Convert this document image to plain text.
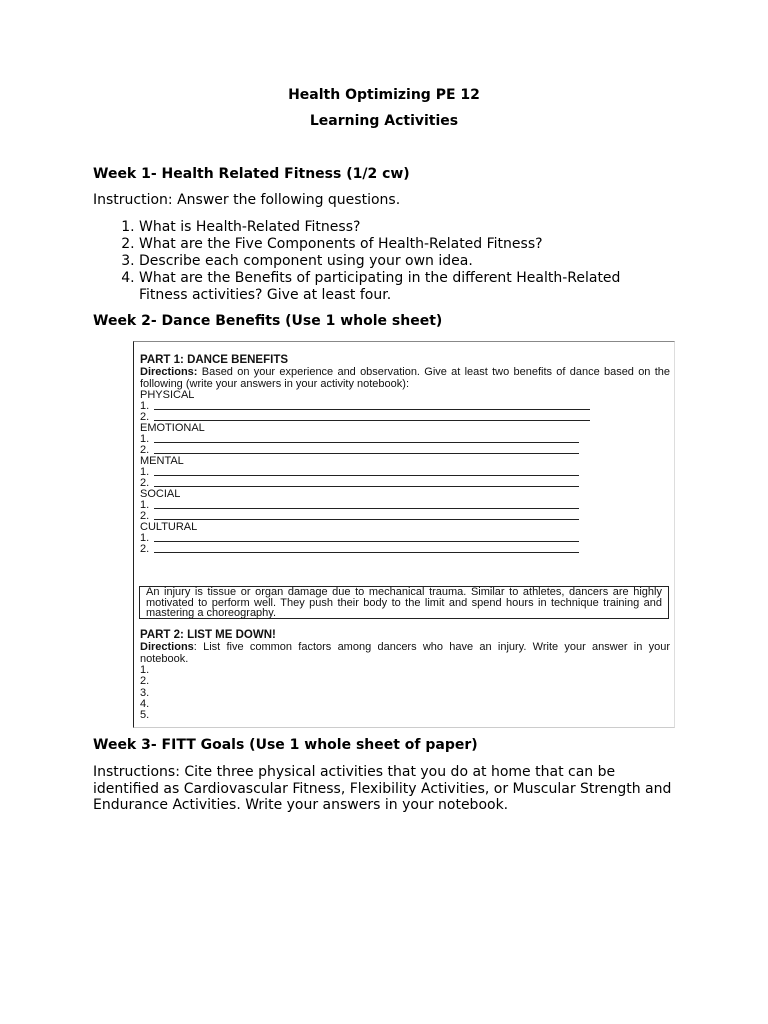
Health Optimizing PE 12
Learning Activities
Week 1- Health Related Fitness (1/2 cw)
Instruction: Answer the following questions.
1. What is Health-Related Fitness?
2. What are the Five Components of Health-Related Fitness?
3. Describe each component using your own idea.
4. What are the Benefits of participating in the different Health-Related Fitness activities? Give at least four.
Week 2- Dance Benefits (Use 1 whole sheet)
PART 1: DANCE BENEFITS
Directions: Based on your experience and observation. Give at least two benefits of dance based on the following (write your answers in your activity notebook):
PHYSICAL
1.
2.
EMOTIONAL
1.
2.
MENTAL
1.
2.
SOCIAL
1.
2.
CULTURAL
1.
2.
An injury is tissue or organ damage due to mechanical trauma. Similar to athletes, dancers are highly motivated to perform well. They push their body to the limit and spend hours in technique training and mastering a choreography.
PART 2: LIST ME DOWN!
Directions: List five common factors among dancers who have an injury. Write your answer in your notebook.
1.
2.
3.
4.
5.
Week 3- FITT Goals (Use 1 whole sheet of paper)
Instructions: Cite three physical activities that you do at home that can be identified as Cardiovascular Fitness, Flexibility Activities, or Muscular Strength and Endurance Activities. Write your answers in your notebook.
